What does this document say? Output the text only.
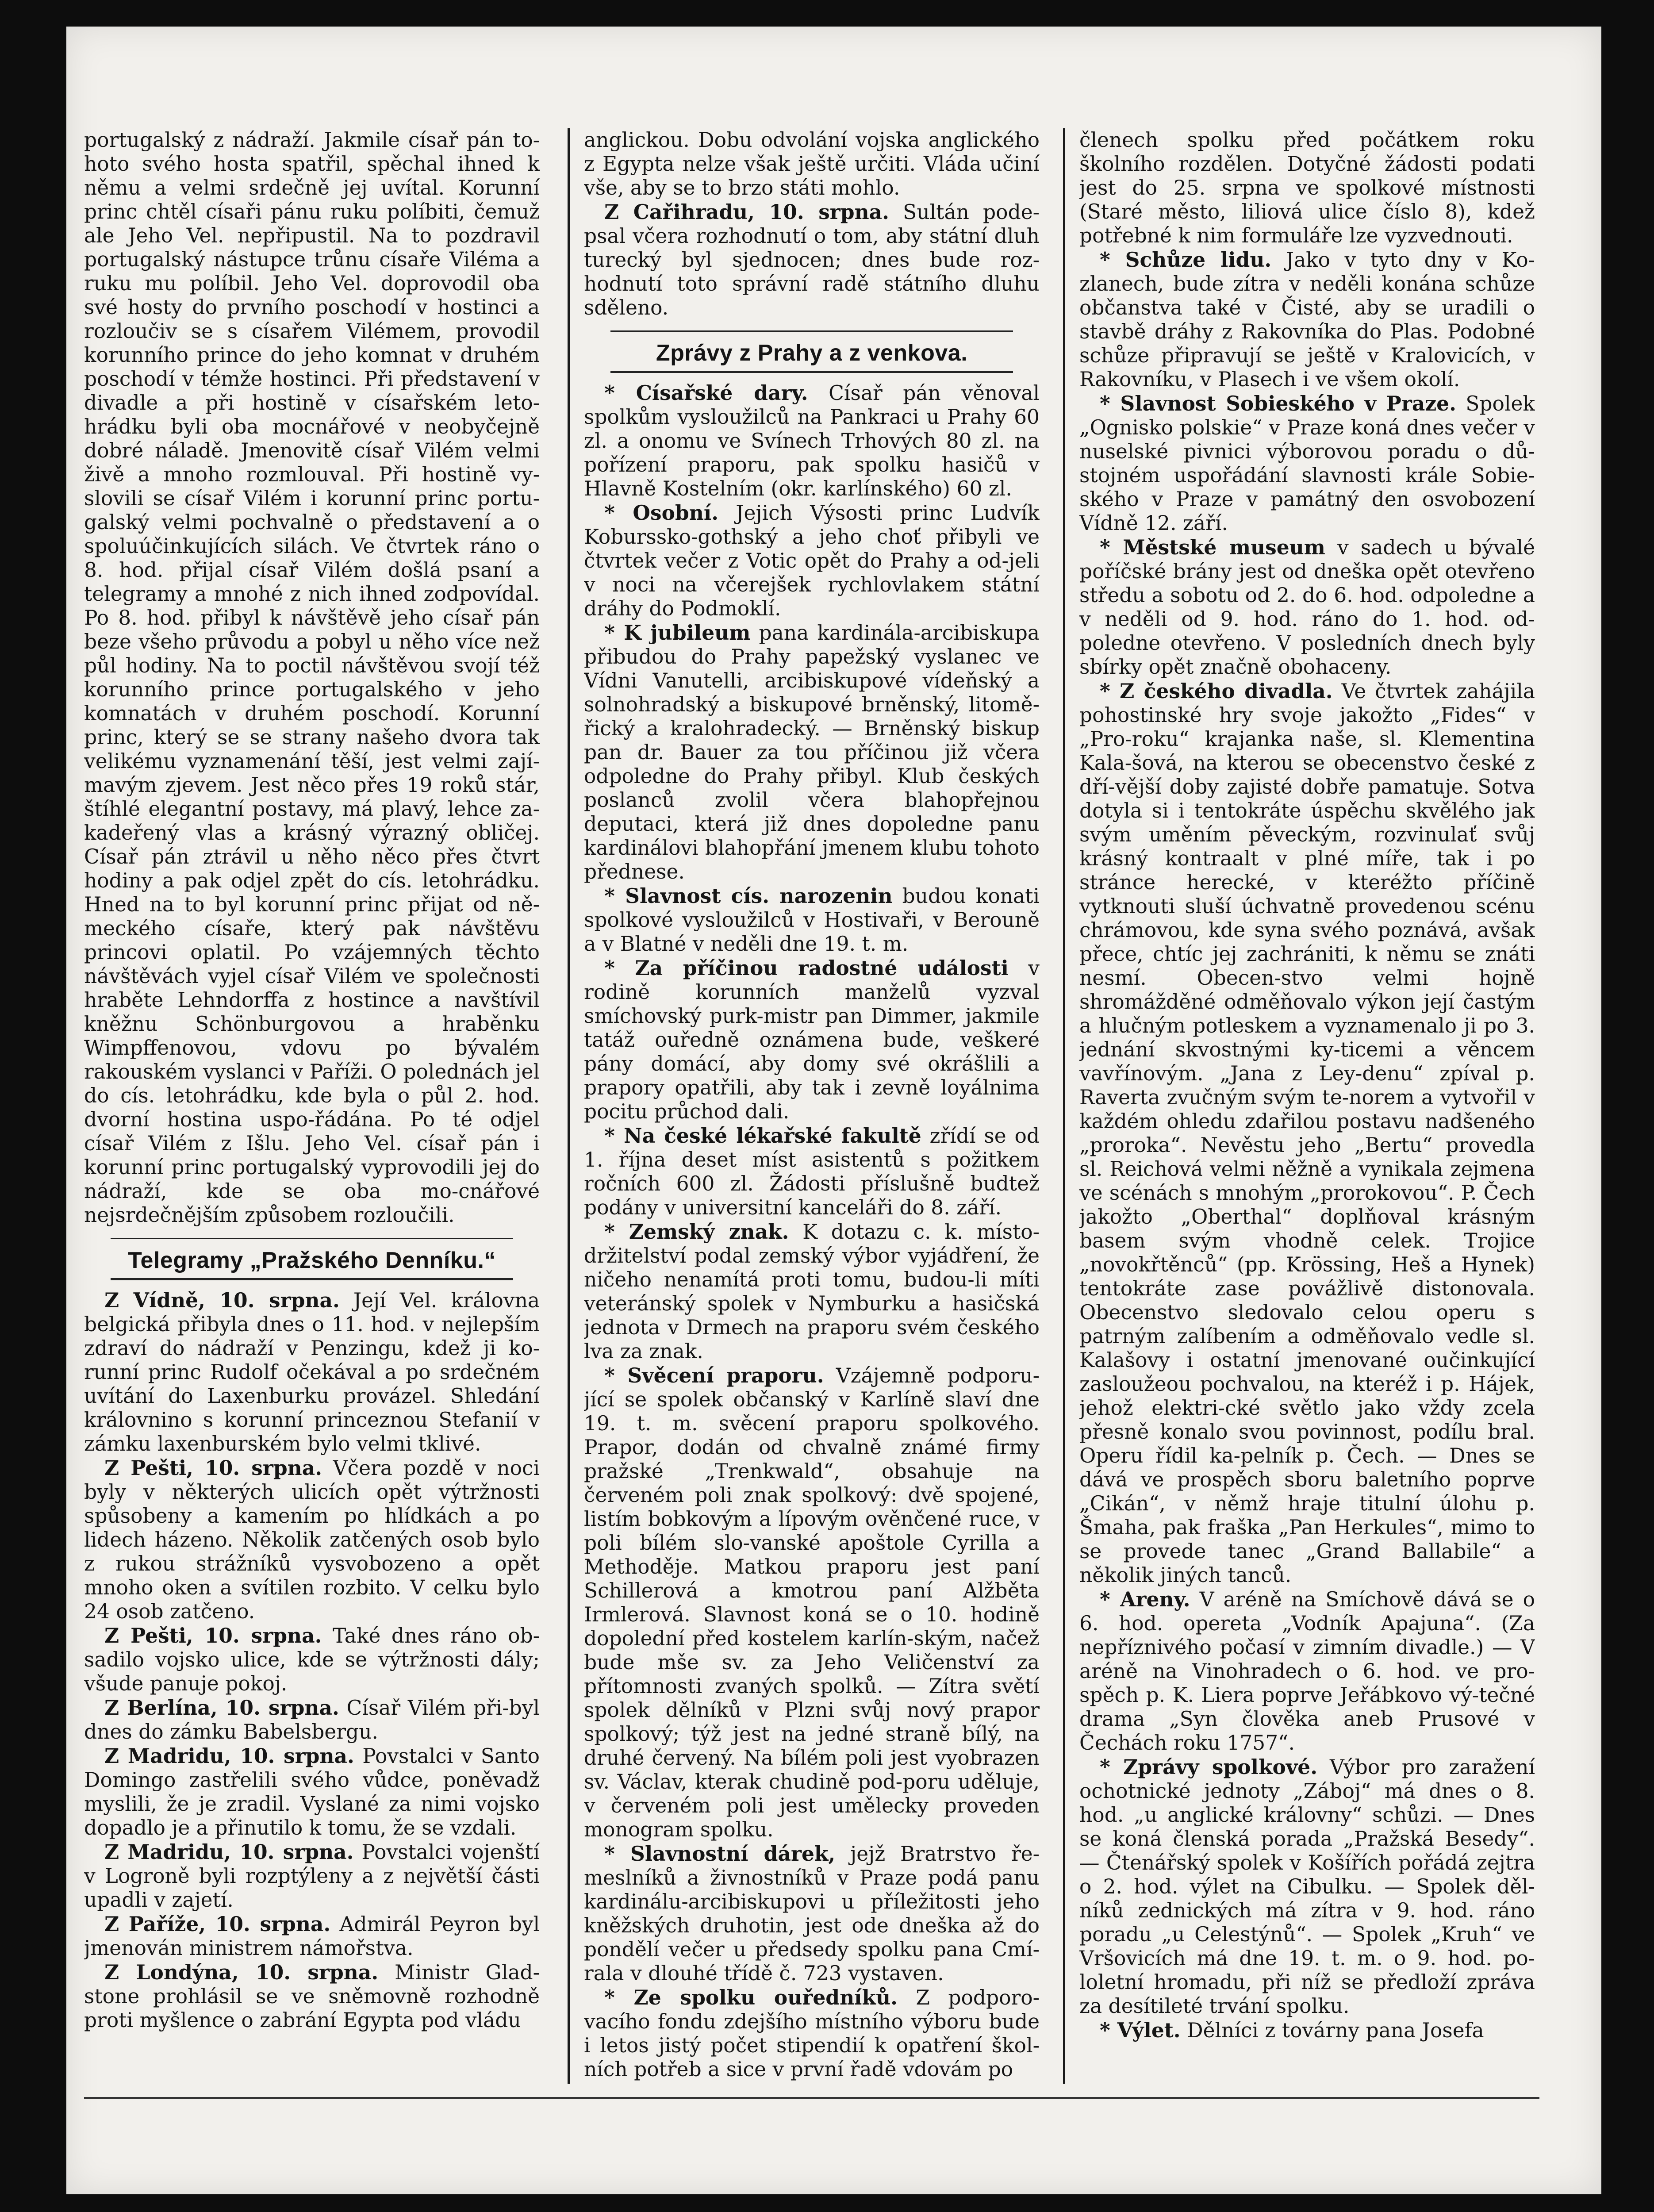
portugalský z nádraží. Jakmile císař pán to-hoto svého hosta spatřil, spěchal ihned k němu a velmi srdečně jej uvítal. Korunní princ chtěl císaři pánu ruku políbiti, čemuž ale Jeho Vel. nepřipustil. Na to pozdravil portugalský nástupce trůnu císaře Viléma a ruku mu políbil. Jeho Vel. doprovodil oba své hosty do prvního poschodí v hostinci a rozloučiv se s císařem Vilémem, provodil korunního prince do jeho komnat v druhém poschodí v témže hostinci. Při představení v divadle a při hostině v císařském leto-hrádku byli oba mocnářové v neobyčejně dobré náladě. Jmenovitě císař Vilém velmi živě a mnoho rozmlouval. Při hostině vy-slovili se císař Vilém i korunní princ portu-galský velmi pochvalně o představení a o spoluúčinkujících silách. Ve čtvrtek ráno o 8. hod. přijal císař Vilém došlá psaní a telegramy a mnohé z nich ihned zodpovídal. Po 8. hod. přibyl k návštěvě jeho císař pán beze všeho průvodu a pobyl u něho více než půl hodiny. Na to poctil návštěvou svojí též korunního prince portugalského v jeho komnatách v druhém poschodí. Korunní princ, který se se strany našeho dvora tak velikému vyznamenání těší, jest velmi zají-mavým zjevem. Jest něco přes 19 roků stár, štíhlé elegantní postavy, má plavý, lehce za-kadeřený vlas a krásný výrazný obličej. Císař pán ztrávil u něho něco přes čtvrt hodiny a pak odjel zpět do cís. letohrádku. Hned na to byl korunní princ přijat od ně-meckého císaře, který pak návštěvu princovi oplatil. Po vzájemných těchto návštěvách vyjel císař Vilém ve společnosti hraběte Lehndorffa z hostince a navštívil kněžnu Schönburgovou a hraběnku Wimpffenovou, vdovu po bývalém rakouském vyslanci v Paříži. O polednách jel do cís. letohrádku, kde byla o půl 2. hod. dvorní hostina uspo-řádána. Po té odjel císař Vilém z Išlu. Jeho Vel. císař pán i korunní princ portugalský vyprovodili jej do nádraží, kde se oba mo-cnářové nejsrdečnějším způsobem rozloučili.

Telegramy „Pražského Denníku.“

Z Vídně, 10. srpna. Její Vel. královna belgická přibyla dnes o 11. hod. v nejlepším zdraví do nádraží v Penzingu, kdež ji ko-runní princ Rudolf očekával a po srdečném uvítání do Laxenburku provázel. Shledání královnino s korunní princeznou Stefanií v zámku laxenburském bylo velmi tklivé.

Z Pešti, 10. srpna. Včera pozdě v noci byly v některých ulicích opět výtržnosti spůsobeny a kamením po hlídkách a po lidech házeno. Několik zatčených osob bylo z rukou strážníků vysvobozeno a opět mnoho oken a svítilen rozbito. V celku bylo 24 osob zatčeno.

Z Pešti, 10. srpna. Také dnes ráno ob-sadilo vojsko ulice, kde se výtržnosti dály; všude panuje pokoj.

Z Berlína, 10. srpna. Císař Vilém při-byl dnes do zámku Babelsbergu.

Z Madridu, 10. srpna. Povstalci v Santo Domingo zastřelili svého vůdce, poněvadž myslili, že je zradil. Vyslané za nimi vojsko dopadlo je a přinutilo k tomu, že se vzdali.

Z Madridu, 10. srpna. Povstalci vojenští v Logroně byli rozptýleny a z největší části upadli v zajetí.

Z Paříže, 10. srpna. Admirál Peyron byl jmenován ministrem námořstva.

Z Londýna, 10. srpna. Ministr Glad-stone prohlásil se ve sněmovně rozhodně proti myšlence o zabrání Egypta pod vládu

anglickou. Dobu odvolání vojska anglického z Egypta nelze však ještě určiti. Vláda učiní vše, aby se to brzo státi mohlo.

Z Cařihradu, 10. srpna. Sultán pode-psal včera rozhodnutí o tom, aby státní dluh turecký byl sjednocen; dnes bude roz-hodnutí toto správní radě státního dluhu sděleno.

Zprávy z Prahy a z venkova.

* Císařské dary. Císař pán věnoval spolkům vysloužilců na Pankraci u Prahy 60 zl. a onomu ve Svínech Trhových 80 zl. na pořízení praporu, pak spolku hasičů v Hlavně Kostelním (okr. karlínského) 60 zl.

* Osobní. Jejich Výsosti princ Ludvík Koburssko-gothský a jeho choť přibyli ve čtvrtek večer z Votic opět do Prahy a od-jeli v noci na včerejšek rychlovlakem státní dráhy do Podmoklí.

* K jubileum pana kardinála-arcibiskupa přibudou do Prahy papežský vyslanec ve Vídni Vanutelli, arcibiskupové vídeňský a solnohradský a biskupové brněnský, litomě-řický a kralohradecký. — Brněnský biskup pan dr. Bauer za tou příčinou již včera odpoledne do Prahy přibyl. Klub českých poslanců zvolil včera blahopřejnou deputaci, která již dnes dopoledne panu kardinálovi blahopřání jmenem klubu tohoto přednese.

* Slavnost cís. narozenin budou konati spolkové vysloužilců v Hostivaři, v Berouně a v Blatné v neděli dne 19. t. m.

* Za příčinou radostné události v rodině korunních manželů vyzval smíchovský purk-mistr pan Dimmer, jakmile tatáž ouředně oznámena bude, veškeré pány domácí, aby domy své okrášlili a prapory opatřili, aby tak i zevně loyálnima pocitu průchod dali.

* Na české lékařské fakultě zřídí se od 1. října deset míst asistentů s požitkem ročních 600 zl. Žádosti příslušně budtež podány v universitní kanceláři do 8. září.

* Zemský znak. K dotazu c. k. místo-držitelství podal zemský výbor vyjádření, že ničeho nenamítá proti tomu, budou-li míti veteránský spolek v Nymburku a hasičská jednota v Drmech na praporu svém českého lva za znak.

* Svěcení praporu. Vzájemně podporu-jící se spolek občanský v Karlíně slaví dne 19. t. m. svěcení praporu spolkového. Prapor, dodán od chvalně známé firmy pražské „Trenkwald“, obsahuje na červeném poli znak spolkový: dvě spojené, listím bobkovým a lípovým ověnčené ruce, v poli bílém slo-vanské apoštole Cyrilla a Methoděje. Matkou praporu jest paní Schillerová a kmotrou paní Alžběta Irmlerová. Slavnost koná se o 10. hodině dopolední před kostelem karlín-ským, načež bude mše sv. za Jeho Veličenství za přítomnosti zvaných spolků. — Zítra světí spolek dělníků v Plzni svůj nový prapor spolkový; týž jest na jedné straně bílý, na druhé červený. Na bílém poli jest vyobrazen sv. Václav, kterak chudině pod-poru uděluje, v červeném poli jest umělecky proveden monogram spolku.

* Slavnostní dárek, jejž Bratrstvo ře-meslníků a živnostníků v Praze podá panu kardinálu-arcibiskupovi u příležitosti jeho kněžských druhotin, jest ode dneška až do pondělí večer u předsedy spolku pana Cmí-rala v dlouhé třídě č. 723 vystaven.

* Ze spolku ouředníků. Z podporo-vacího fondu zdejšího místního výboru bude i letos jistý počet stipendií k opatření škol-ních potřeb a sice v první řadě vdovám po

členech spolku před počátkem roku školního rozdělen. Dotyčné žádosti podati jest do 25. srpna ve spolkové místnosti (Staré město, liliová ulice číslo 8), kdež potřebné k nim formuláře lze vyzvednouti.

* Schůze lidu. Jako v tyto dny v Ko-zlanech, bude zítra v neděli konána schůze občanstva také v Čisté, aby se uradili o stavbě dráhy z Rakovníka do Plas. Podobné schůze připravují se ještě v Kralovicích, v Rakovníku, v Plasech i ve všem okolí.

* Slavnost Sobieského v Praze. Spolek „Ognisko polskie“ v Praze koná dnes večer v nuselské pivnici výborovou poradu o dů-stojném uspořádání slavnosti krále Sobie-ského v Praze v památný den osvobození Vídně 12. září.

* Městské museum v sadech u bývalé poříčské brány jest od dneška opět otevřeno středu a sobotu od 2. do 6. hod. odpoledne a v neděli od 9. hod. ráno do 1. hod. od-poledne otevřeno. V posledních dnech byly sbírky opět značně obohaceny.

* Z českého divadla. Ve čtvrtek zahájila pohostinské hry svoje jakožto „Fides“ v „Pro-roku“ krajanka naše, sl. Klementina Kala-šová, na kterou se obecenstvo české z dří-vější doby zajisté dobře pamatuje. Sotva dotyla si i tentokráte úspěchu skvělého jak svým uměním pěveckým, rozvinulať svůj krásný kontraalt v plné míře, tak i po stránce herecké, v kteréžto příčině vytknouti sluší úchvatně provedenou scénu chrámovou, kde syna svého poznává, avšak přece, chtíc jej zachrániti, k němu se znáti nesmí. Obecen-stvo velmi hojně shromážděné odměňovalo výkon její častým a hlučným potleskem a vyznamenalo ji po 3. jednání skvostnými ky-ticemi a věncem vavřínovým. „Jana z Ley-denu“ zpíval p. Raverta zvučným svým te-norem a vytvořil v každém ohledu zdařilou postavu nadšeného „proroka“. Nevěstu jeho „Bertu“ provedla sl. Reichová velmi něžně a vynikala zejmena ve scénách s mnohým „prorokovou“. P. Čech jakožto „Oberthal“ doplňoval krásným basem svým vhodně celek. Trojice „novokřtěnců“ (pp. Krössing, Heš a Hynek) tentokráte zase povážlivě distonovala. Obecenstvo sledovalo celou operu s patrným zalíbením a odměňovalo vedle sl. Kalašovy i ostatní jmenované oučinkující zasloužeou pochvalou, na kteréž i p. Hájek, jehož elektri-cké světlo jako vždy zcela přesně konalo svou povinnost, podílu bral. Operu řídil ka-pelník p. Čech. — Dnes se dává ve prospěch sboru baletního poprve „Cikán“, v němž hraje titulní úlohu p. Šmaha, pak fraška „Pan Herkules“, mimo to se provede tanec „Grand Ballabile“ a několik jiných tanců.

* Areny. V aréně na Smíchově dává se o 6. hod. opereta „Vodník Apajuna“. (Za nepříznivého počasí v zimním divadle.) — V aréně na Vinohradech o 6. hod. ve pro-spěch p. K. Liera poprve Jeřábkovo vý-tečné drama „Syn člověka aneb Prusové v Čechách roku 1757“.

* Zprávy spolkové. Výbor pro zaražení ochotnické jednoty „Záboj“ má dnes o 8. hod. „u anglické královny“ schůzi. — Dnes se koná členská porada „Pražská Besedy“. — Čtenářský spolek v Košířích pořádá zejtra o 2. hod. výlet na Cibulku. — Spolek děl-níků zednických má zítra v 9. hod. ráno poradu „u Celestýnů“. — Spolek „Kruh“ ve Vršovicích má dne 19. t. m. o 9. hod. po-loletní hromadu, při níž se předloží zpráva za desítileté trvání spolku.

* Výlet. Dělníci z továrny pana Josefa
